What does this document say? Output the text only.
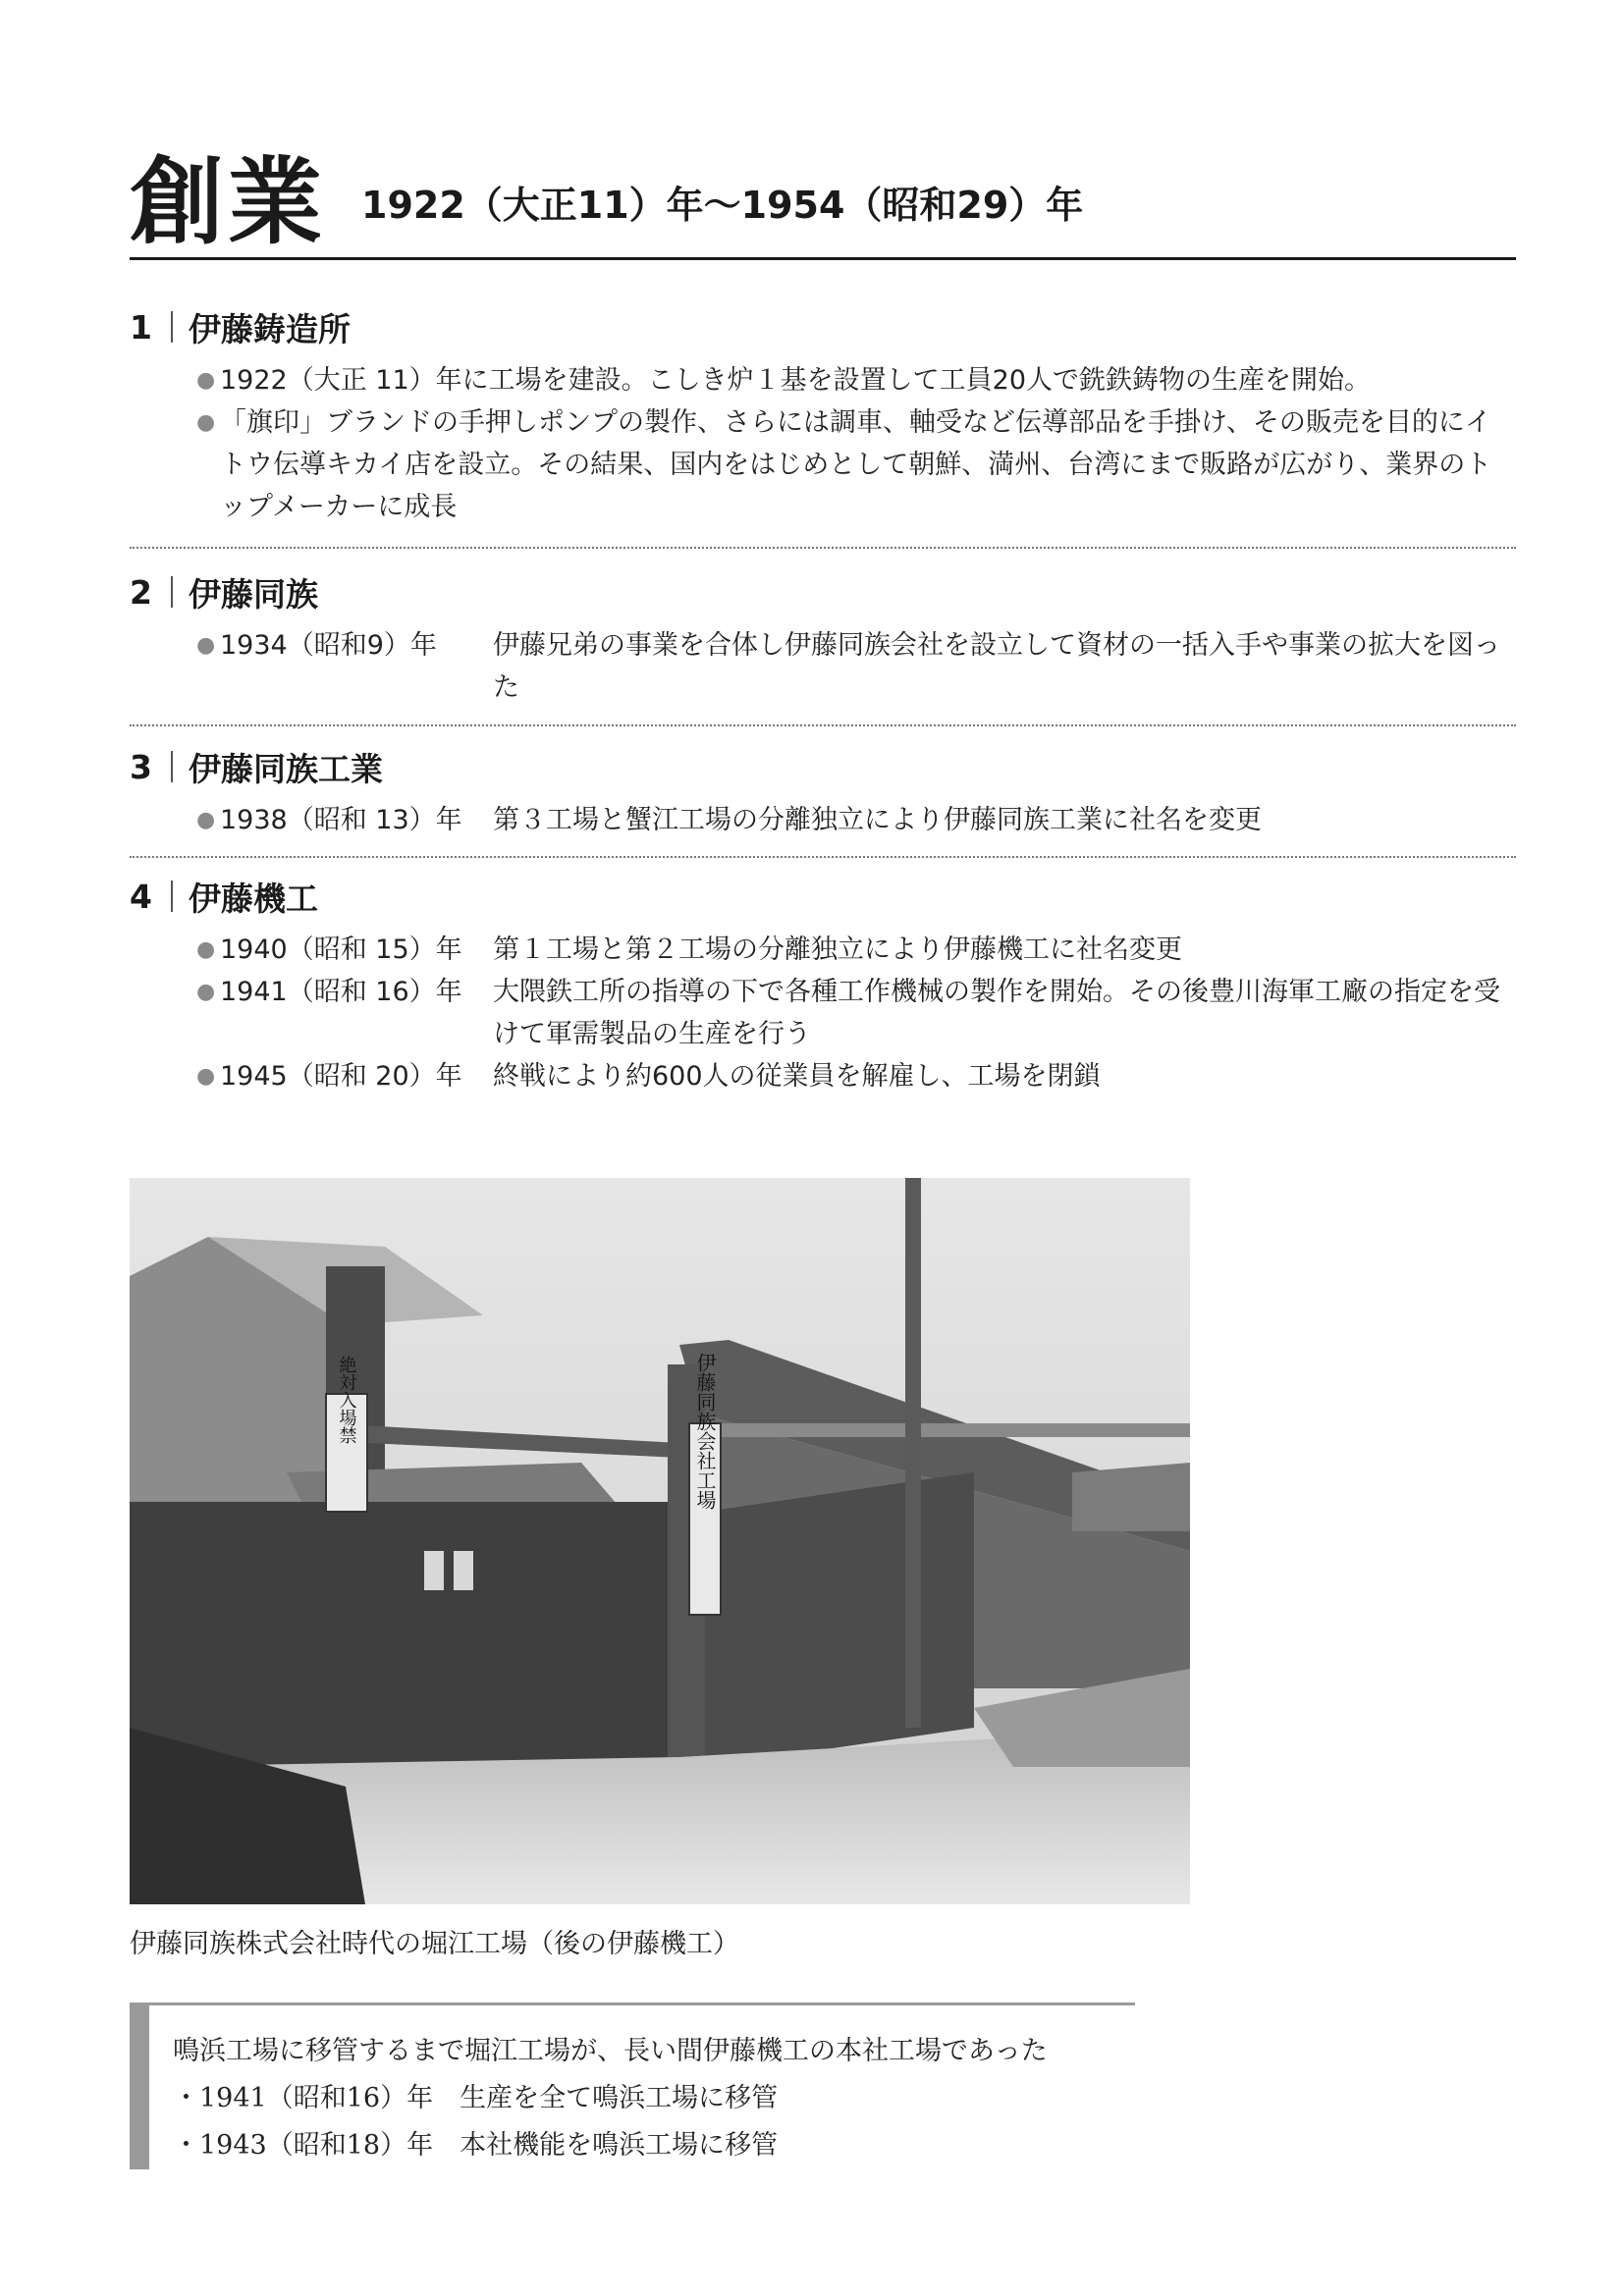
創業 1922（大正11）年〜1954（昭和29）年
1	伊藤鋳造所
● 1922（大正 11）年に工場を建設。こしき炉１基を設置して工員20人で銑鉄鋳物の生産を開始。
● 「旗印」ブランドの手押しポンプの製作、さらには調車、軸受など伝導部品を手掛け、その販売を目的にイトウ伝導キカイ店を設立。その結果、国内をはじめとして朝鮮、満州、台湾にまで販路が広がり、業界のトップメーカーに成長
2	伊藤同族
● 1934（昭和9）年	伊藤兄弟の事業を合体し伊藤同族会社を設立して資材の一括入手や事業の拡大を図った
3	伊藤同族工業
● 1938（昭和 13）年	第３工場と蟹江工場の分離独立により伊藤同族工業に社名を変更
4	伊藤機工
● 1940（昭和 15）年	第１工場と第２工場の分離独立により伊藤機工に社名変更
● 1941（昭和 16）年	大隈鉄工所の指導の下で各種工作機械の製作を開始。その後豊川海軍工廠の指定を受けて軍需製品の生産を行う
● 1945（昭和 20）年	終戦により約600人の従業員を解雇し、工場を閉鎖
絶対入場禁	伊藤同族会社工場
伊藤同族株式会社時代の堀江工場（後の伊藤機工）
鳴浜工場に移管するまで堀江工場が、長い間伊藤機工の本社工場であった
・1941（昭和16）年　生産を全て鳴浜工場に移管
・1943（昭和18）年　本社機能を鳴浜工場に移管
